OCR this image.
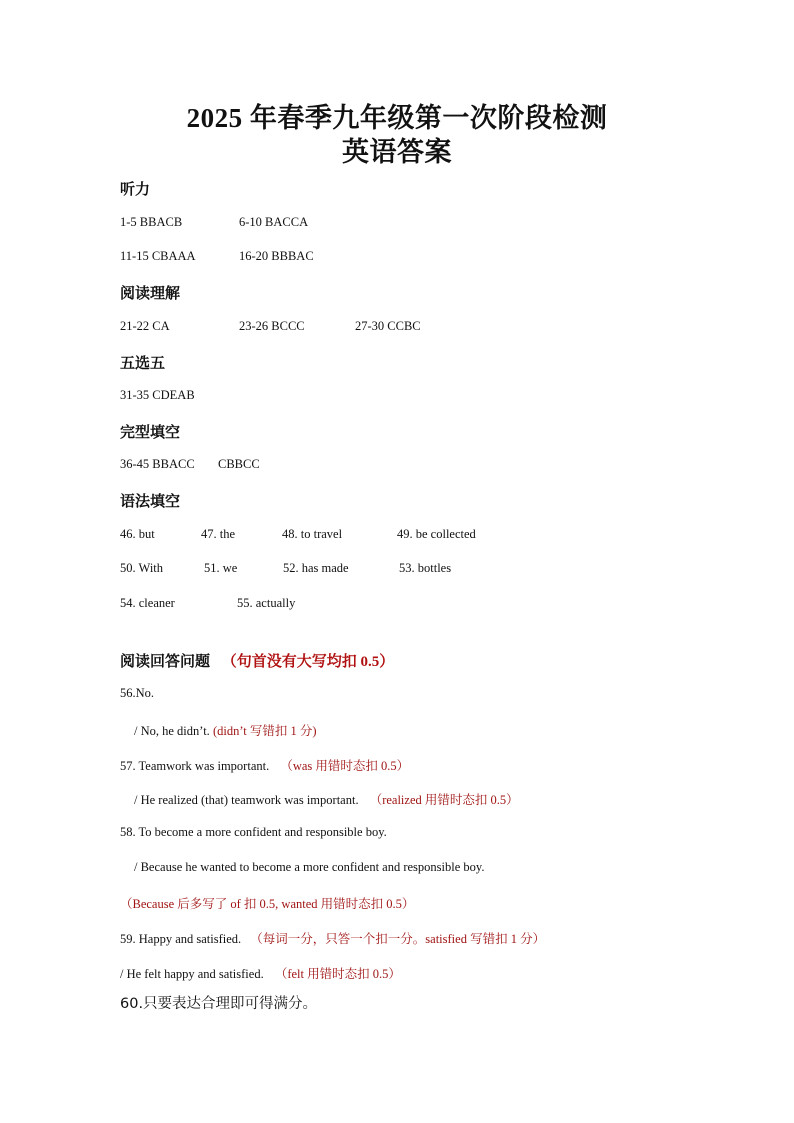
2025 年春季九年级第一次阶段检测
英语答案
听力
1-5 BBACB	6-10 BACCA
11-15 CBAAA	16-20 BBBAC
阅读理解
21-22 CA	23-26 BCCC	27-30 CCBC
五选五
31-35 CDEAB
完型填空
36-45 BBACC CBBCC
语法填空
46. but	47. the	48. to travel	49. be collected
50. With	51. we	52. has made	53. bottles
54. cleaner	55. actually
阅读回答问题 （句首没有大写均扣 0.5）
56.No.
/ No, he didn’t. (didn’t 写错扣 1 分)
57. Teamwork was important. （was 用错时态扣 0.5）
/ He realized (that) teamwork was important. （realized 用错时态扣 0.5）
58. To become a more confident and responsible boy.
/ Because he wanted to become a more confident and responsible boy.
（Because 后多写了 of 扣 0.5, wanted 用错时态扣 0.5）
59. Happy and satisfied. （每词一分，只答一个扣一分。satisfied 写错扣 1 分）
/ He felt happy and satisfied. （felt 用错时态扣 0.5）
60.只要表达合理即可得满分。
